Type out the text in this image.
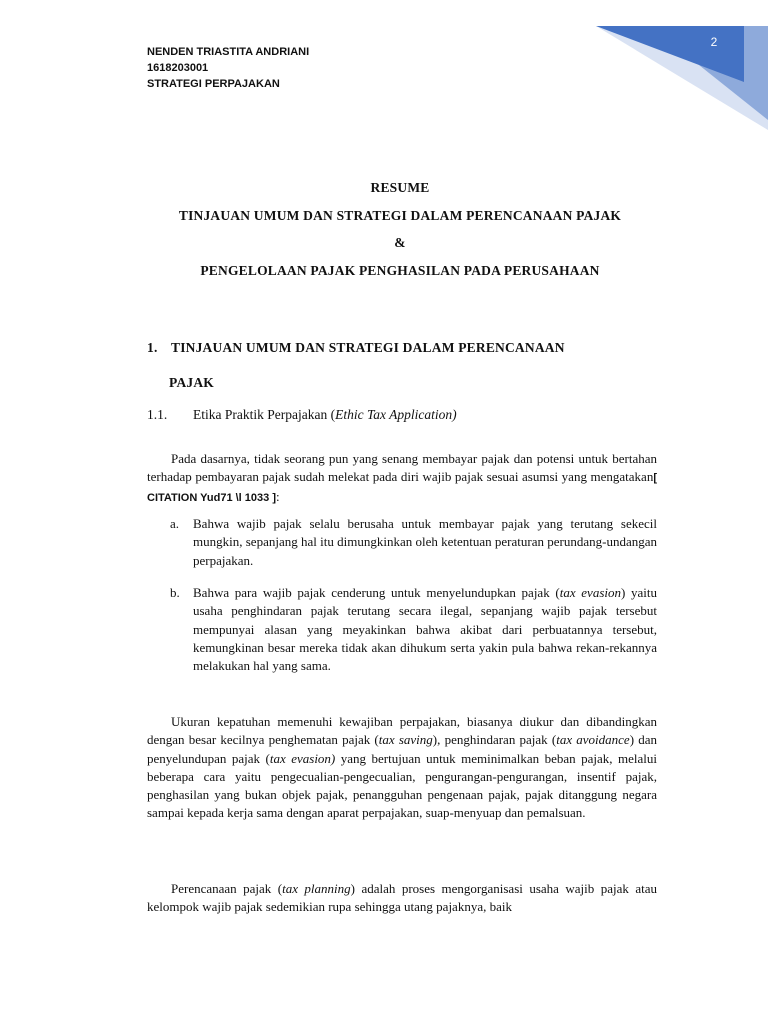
2
NENDEN TRIASTITA ANDRIANI
1618203001
STRATEGI PERPAJAKAN
RESUME
TINJAUAN UMUM DAN STRATEGI DALAM PERENCANAAN PAJAK
&
PENGELOLAAN PAJAK PENGHASILAN PADA PERUSAHAAN
1. TINJAUAN UMUM DAN STRATEGI DALAM PERENCANAAN
PAJAK
1.1. Etika Praktik Perpajakan (Ethic Tax Application)
Pada dasarnya, tidak seorang pun yang senang membayar pajak dan potensi untuk bertahan terhadap pembayaran pajak sudah melekat pada diri wajib pajak sesuai asumsi yang mengatakan[ CITATION Yud71 \l 1033 ]:
a. Bahwa wajib pajak selalu berusaha untuk membayar pajak yang terutang sekecil mungkin, sepanjang hal itu dimungkinkan oleh ketentuan peraturan perundang-undangan perpajakan.
b. Bahwa para wajib pajak cenderung untuk menyelundupkan pajak (tax evasion) yaitu usaha penghindaran pajak terutang secara ilegal, sepanjang wajib pajak tersebut mempunyai alasan yang meyakinkan bahwa akibat dari perbuatannya tersebut, kemungkinan besar mereka tidak akan dihukum serta yakin pula bahwa rekan-rekannya melakukan hal yang sama.
Ukuran kepatuhan memenuhi kewajiban perpajakan, biasanya diukur dan dibandingkan dengan besar kecilnya penghematan pajak (tax saving), penghindaran pajak (tax avoidance) dan penyelundupan pajak (tax evasion) yang bertujuan untuk meminimalkan beban pajak, melalui beberapa cara yaitu pengecualian-pengecualian, pengurangan-pengurangan, insentif pajak, penghasilan yang bukan objek pajak, penangguhan pengenaan pajak, pajak ditanggung negara sampai kepada kerja sama dengan aparat perpajakan, suap-menyuap dan pemalsuan.
Perencanaan pajak (tax planning) adalah proses mengorganisasi usaha wajib pajak atau kelompok wajib pajak sedemikian rupa sehingga utang pajaknya, baik
